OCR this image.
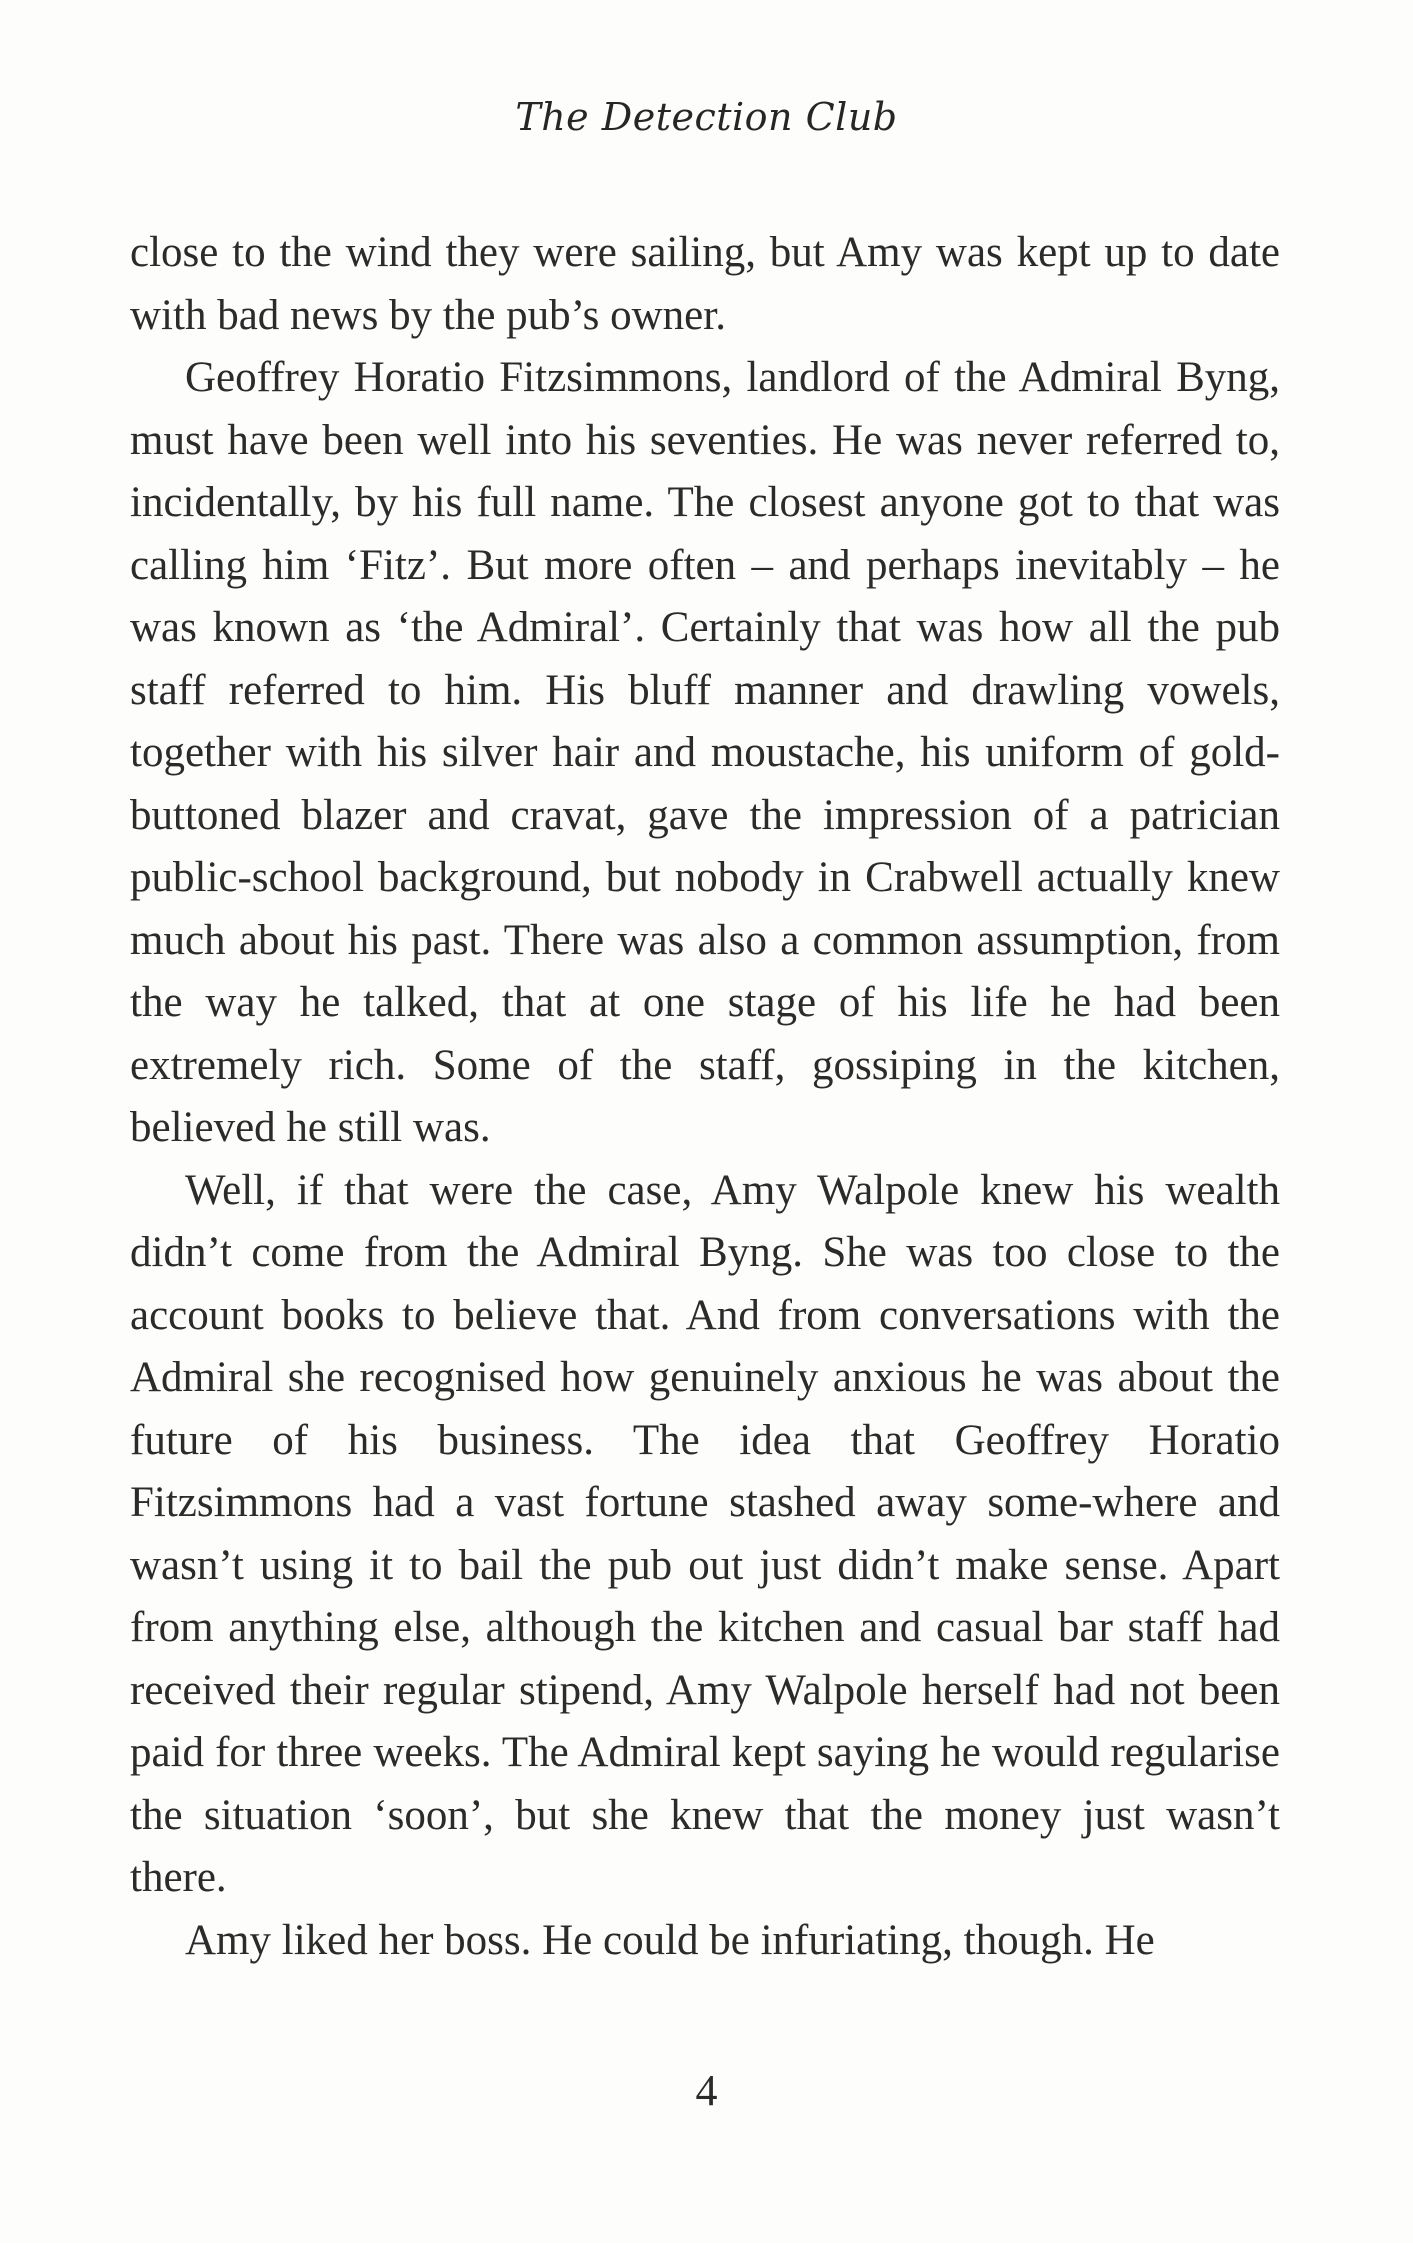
The Detection Club

close to the wind they were sailing, but Amy was kept up to date with bad news by the pub’s owner.

Geoffrey Horatio Fitzsimmons, landlord of the Admiral Byng, must have been well into his seventies. He was never referred to, incidentally, by his full name. The closest anyone got to that was calling him ‘Fitz’. But more often – and perhaps inevitably – he was known as ‘the Admiral’. Certainly that was how all the pub staff referred to him. His bluff manner and drawling vowels, together with his silver hair and moustache, his uniform of gold-buttoned blazer and cravat, gave the impression of a patrician public-school background, but nobody in Crabwell actually knew much about his past. There was also a common assumption, from the way he talked, that at one stage of his life he had been extremely rich. Some of the staff, gossiping in the kitchen, believed he still was.

Well, if that were the case, Amy Walpole knew his wealth didn’t come from the Admiral Byng. She was too close to the account books to believe that. And from conversations with the Admiral she recognised how genuinely anxious he was about the future of his business. The idea that Geoffrey Horatio Fitzsimmons had a vast fortune stashed away some-where and wasn’t using it to bail the pub out just didn’t make sense. Apart from anything else, although the kitchen and casual bar staff had received their regular stipend, Amy Walpole herself had not been paid for three weeks. The Admiral kept saying he would regularise the situation ‘soon’, but she knew that the money just wasn’t there.

Amy liked her boss. He could be infuriating, though. He

4
